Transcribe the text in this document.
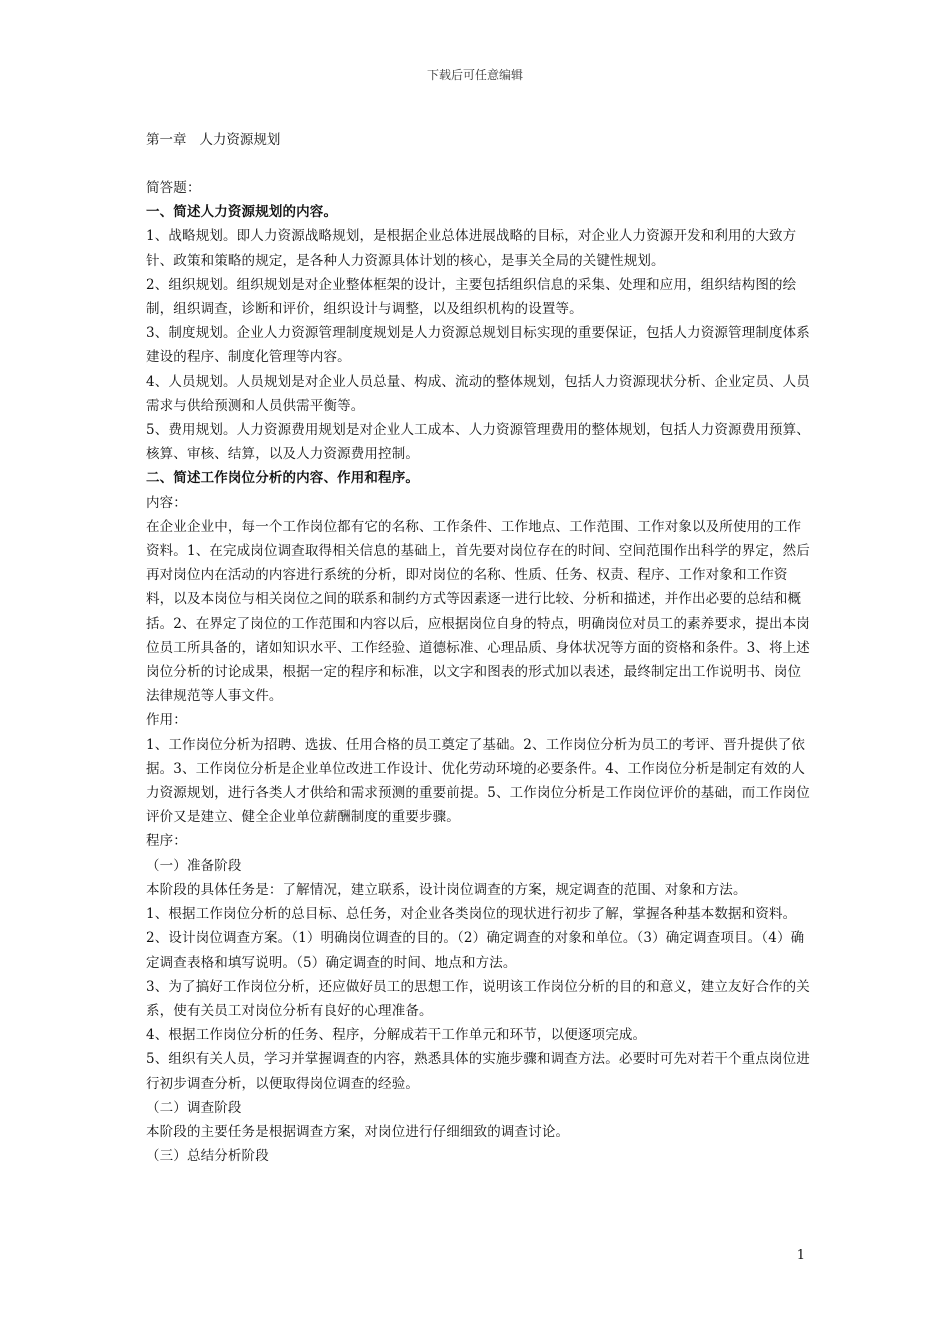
下载后可任意编辑
第一章   人力资源规划

简答题：

一、简述人力资源规划的内容。

1、战略规划。即人力资源战略规划，是根据企业总体进展战略的目标，对企业人力资源开发和利用的大致方针、政策和策略的规定，是各种人力资源具体计划的核心，是事关全局的关键性规划。

2、组织规划。组织规划是对企业整体框架的设计，主要包括组织信息的采集、处理和应用，组织结构图的绘制，组织调查，诊断和评价，组织设计与调整，以及组织机构的设置等。

3、制度规划。企业人力资源管理制度规划是人力资源总规划目标实现的重要保证，包括人力资源管理制度体系建设的程序、制度化管理等内容。

4、人员规划。人员规划是对企业人员总量、构成、流动的整体规划，包括人力资源现状分析、企业定员、人员需求与供给预测和人员供需平衡等。

5、费用规划。人力资源费用规划是对企业人工成本、人力资源管理费用的整体规划，包括人力资源费用预算、核算、审核、结算，以及人力资源费用控制。

二、简述工作岗位分析的内容、作用和程序。

内容：

在企业企业中，每一个工作岗位都有它的名称、工作条件、工作地点、工作范围、工作对象以及所使用的工作资料。1、在完成岗位调查取得相关信息的基础上，首先要对岗位存在的时间、空间范围作出科学的界定，然后再对岗位内在活动的内容进行系统的分析，即对岗位的名称、性质、任务、权责、程序、工作对象和工作资料，以及本岗位与相关岗位之间的联系和制约方式等因素逐一进行比较、分析和描述，并作出必要的总结和概括。2、在界定了岗位的工作范围和内容以后，应根据岗位自身的特点，明确岗位对员工的素养要求，提出本岗位员工所具备的，诸如知识水平、工作经验、道德标准、心理品质、身体状况等方面的资格和条件。3、将上述岗位分析的讨论成果，根据一定的程序和标准，以文字和图表的形式加以表述，最终制定出工作说明书、岗位法律规范等人事文件。

作用：

1、工作岗位分析为招聘、选拔、任用合格的员工奠定了基础。2、工作岗位分析为员工的考评、晋升提供了依据。3、工作岗位分析是企业单位改进工作设计、优化劳动环境的必要条件。4、工作岗位分析是制定有效的人力资源规划，进行各类人才供给和需求预测的重要前提。5、工作岗位分析是工作岗位评价的基础，而工作岗位评价又是建立、健全企业单位薪酬制度的重要步骤。

程序：

（一）准备阶段

本阶段的具体任务是：了解情况，建立联系，设计岗位调查的方案，规定调查的范围、对象和方法。

1、根据工作岗位分析的总目标、总任务，对企业各类岗位的现状进行初步了解，掌握各种基本数据和资料。

2、设计岗位调查方案。（1）明确岗位调查的目的。（2）确定调查的对象和单位。（3）确定调查项目。（4）确定调查表格和填写说明。（5）确定调查的时间、地点和方法。

3、为了搞好工作岗位分析，还应做好员工的思想工作，说明该工作岗位分析的目的和意义，建立友好合作的关系，使有关员工对岗位分析有良好的心理准备。

4、根据工作岗位分析的任务、程序，分解成若干工作单元和环节，以便逐项完成。

5、组织有关人员，学习并掌握调查的内容，熟悉具体的实施步骤和调查方法。必要时可先对若干个重点岗位进行初步调查分析，以便取得岗位调查的经验。

（二）调查阶段

本阶段的主要任务是根据调查方案，对岗位进行仔细细致的调查讨论。

（三）总结分析阶段

1
